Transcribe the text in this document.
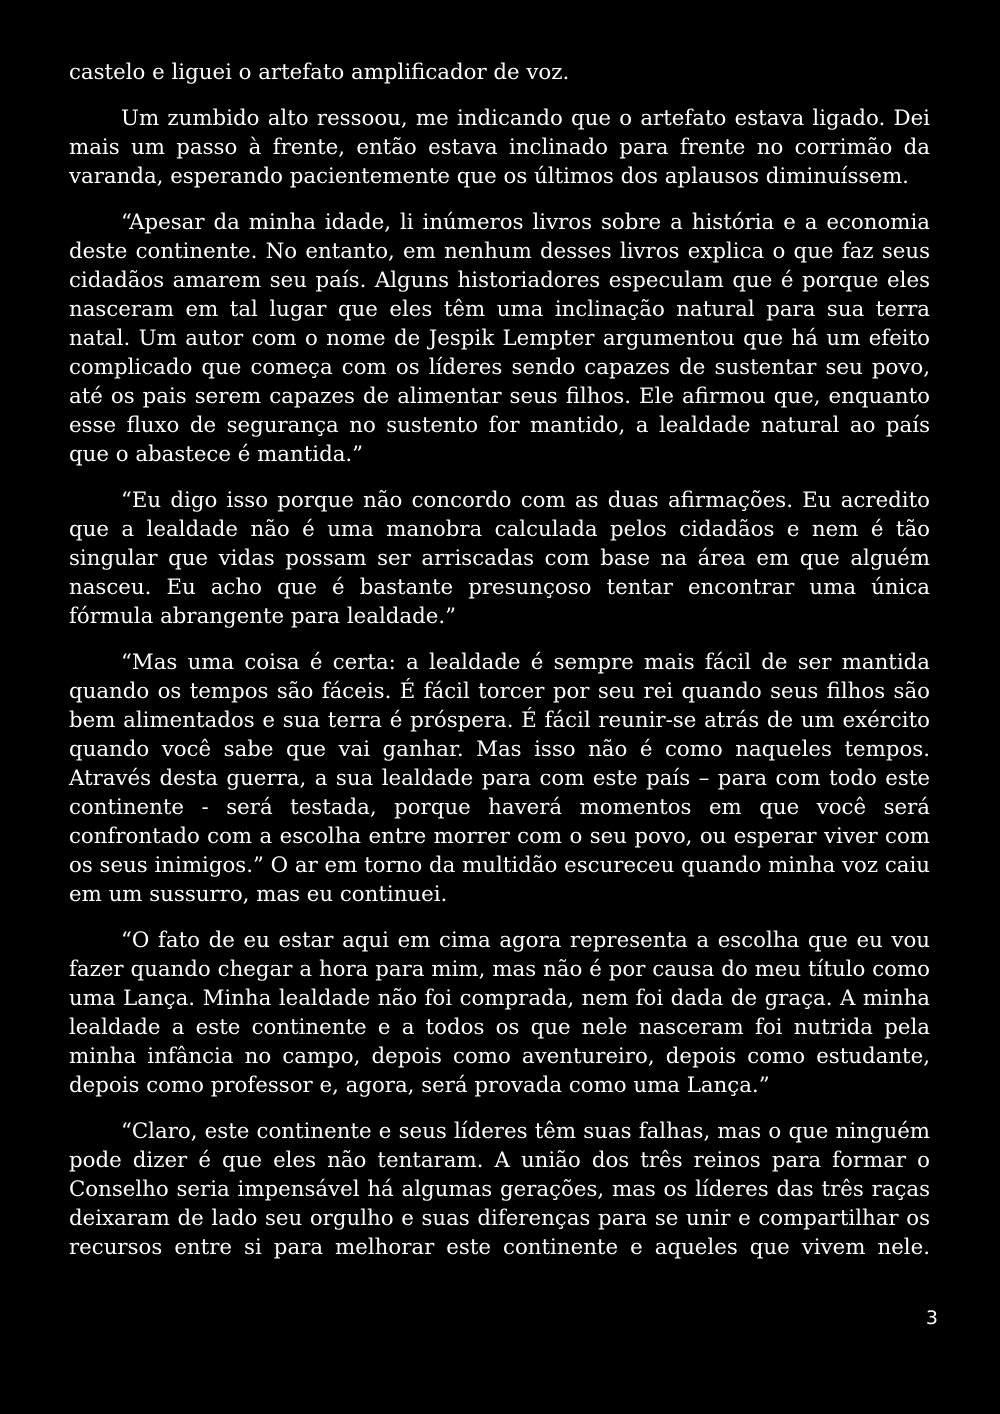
castelo e liguei o artefato amplificador de voz.

Um zumbido alto ressoou, me indicando que o artefato estava ligado. Dei mais um passo à frente, então estava inclinado para frente no corrimão da varanda, esperando pacientemente que os últimos dos aplausos diminuíssem.

“Apesar da minha idade, li inúmeros livros sobre a história e a economia deste continente. No entanto, em nenhum desses livros explica o que faz seus cidadãos amarem seu país. Alguns historiadores especulam que é porque eles nasceram em tal lugar que eles têm uma inclinação natural para sua terra natal. Um autor com o nome de Jespik Lempter argumentou que há um efeito complicado que começa com os líderes sendo capazes de sustentar seu povo, até os pais serem capazes de alimentar seus filhos. Ele afirmou que, enquanto esse fluxo de segurança no sustento for mantido, a lealdade natural ao país que o abastece é mantida.”

“Eu digo isso porque não concordo com as duas afirmações. Eu acredito que a lealdade não é uma manobra calculada pelos cidadãos e nem é tão singular que vidas possam ser arriscadas com base na área em que alguém nasceu. Eu acho que é bastante presunçoso tentar encontrar uma única fórmula abrangente para lealdade.”

“Mas uma coisa é certa: a lealdade é sempre mais fácil de ser mantida quando os tempos são fáceis. É fácil torcer por seu rei quando seus filhos são bem alimentados e sua terra é próspera. É fácil reunir-se atrás de um exército quando você sabe que vai ganhar. Mas isso não é como naqueles tempos. Através desta guerra, a sua lealdade para com este país – para com todo este continente - será testada, porque haverá momentos em que você será confrontado com a escolha entre morrer com o seu povo, ou esperar viver com os seus inimigos.” O ar em torno da multidão escureceu quando minha voz caiu em um sussurro, mas eu continuei.

“O fato de eu estar aqui em cima agora representa a escolha que eu vou fazer quando chegar a hora para mim, mas não é por causa do meu título como uma Lança. Minha lealdade não foi comprada, nem foi dada de graça. A minha lealdade a este continente e a todos os que nele nasceram foi nutrida pela minha infância no campo, depois como aventureiro, depois como estudante, depois como professor e, agora, será provada como uma Lança.”

“Claro, este continente e seus líderes têm suas falhas, mas o que ninguém pode dizer é que eles não tentaram. A união dos três reinos para formar o Conselho seria impensável há algumas gerações, mas os líderes das três raças deixaram de lado seu orgulho e suas diferenças para se unir e compartilhar os recursos entre si para melhorar este continente e aqueles que vivem nele.

3
